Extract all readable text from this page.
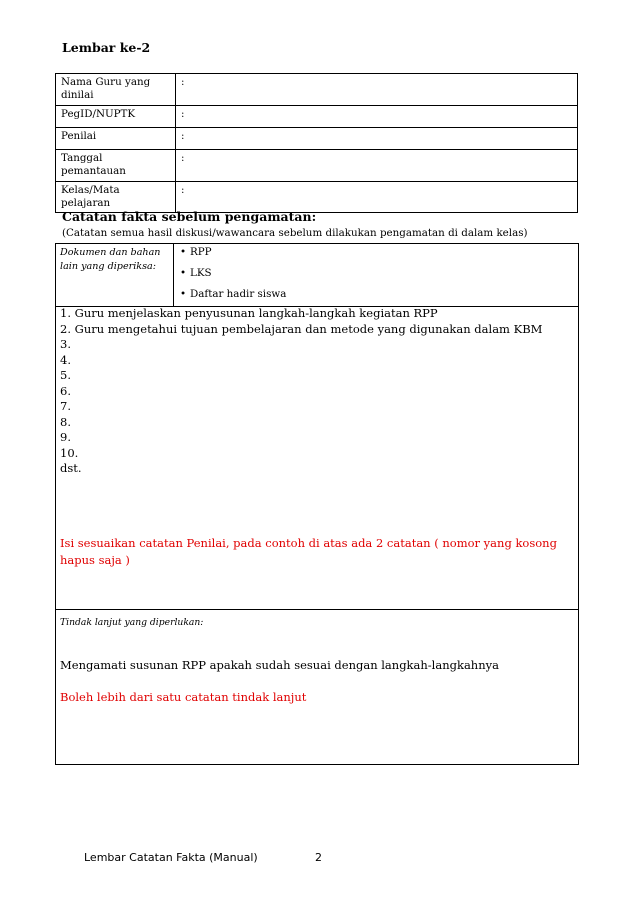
Lembar ke-2
Nama Guru yang dinilai	:
PegID/NUPTK	:
Penilai	:
Tanggal pemantauan	:
Kelas/Mata pelajaran	:
Catatan fakta sebelum pengamatan:
(Catatan semua hasil diskusi/wawancara sebelum dilakukan pengamatan di dalam kelas)
Dokumen dan bahan lain yang diperiksa:
• RPP
• LKS
• Daftar hadir siswa
1. Guru menjelaskan penyusunan langkah-langkah kegiatan RPP
2. Guru mengetahui tujuan pembelajaran dan metode yang digunakan dalam KBM
3.
4.
5.
6.
7.
8.
9.
10.
dst.
Isi sesuaikan catatan Penilai, pada contoh di atas ada 2 catatan ( nomor yang kosong hapus saja )
Tindak lanjut yang diperlukan:
Mengamati susunan RPP apakah sudah sesuai dengan langkah-langkahnya
Boleh lebih dari satu catatan tindak lanjut
Lembar Catatan Fakta (Manual)	2
